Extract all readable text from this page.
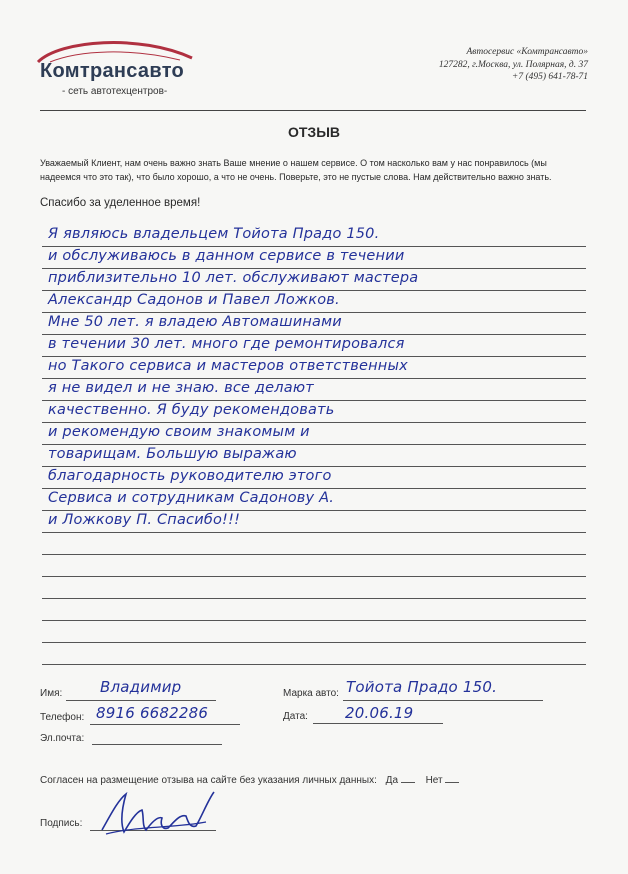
Комтрансавто
- сеть автотехцентров-
Автосервис «Комтрансавто»
127282, г.Москва, ул. Полярная, д. 37
+7 (495) 641-78-71
ОТЗЫВ
Уважаемый Клиент, нам очень важно знать Ваше мнение о нашем сервисе. О том насколько вам у нас понравилось (мы надеемся что это так), что было хорошо, а что не очень. Поверьте, это не пустые слова. Нам действительно важно знать.
Спасибо за уделенное время!
Я являюсь владельцем Тойота Прадо 150.
и обслуживаюсь в данном сервисе в течении
приблизительно 10 лет. обслуживают мастера
Александр Садонов и Павел Ложков.
Мне 50 лет. я владею Автомашинами
в течении 30 лет. много где ремонтировался
но Такого сервиса и мастеров ответственных
я не видел и не знаю. все делают
качественно. Я буду рекомендовать
и рекомендую своим знакомым и
товарищам. Большую выражаю
благодарность руководителю этого
Сервиса и сотрудникам Садонову А.
и Ложкову П. Спасибо!!!
Имя:	Владимир
Телефон: 8916 6682286
Эл.почта:
Марка авто: Тойота Прадо 150.
Дата: 20.06.19
Согласен на размещение отзыва на сайте без указания личных данных: Да	Нет
Подпись:
